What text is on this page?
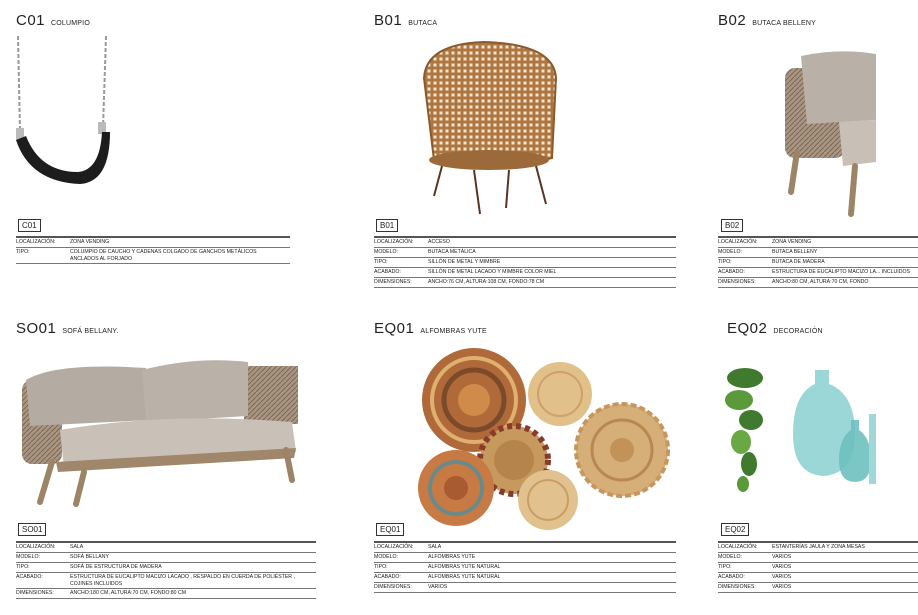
C01 COLUMPIO
C01
LOCALIZACIÓN:	ZONA VENDING
TIPO:	COLUMPIO DE CAUCHO Y CADENAS COLGADO DE GANCHOS METÁLICOS ANCLADOS AL FORJADO
B01 BUTACA
B01
LOCALIZACIÓN:	ACCESO
MODELO:	BUTACA METÁLICA
TIPO:	SILLÓN DE METAL Y MIMBRE
ACABADO:	SILLÓN DE METAL LACADO Y MIMBRE COLOR MIEL
DIMENSIONES:	ANCHO:76 CM, ALTURA:108 CM, FONDO:78 CM
SO01 SOFÁ BELLANY.
SO01
LOCALIZACIÓN:	SALA
MODELO:	SOFÁ BELLANY
TIPO:	SOFÁ DE ESTRUCTURA DE MADERA
ACABADO:	ESTRUCTURA DE EUCALIPTO MACIZO LACADO , RESPALDO EN CUERDA DE POLIÉSTER , COJINES INCLUIDOS
DIMENSIONES:	ANCHO:180 CM, ALTURA:70 CM, FONDO:80 CM
EQ01 ALFOMBRAS YUTE
EQ01
LOCALIZACIÓN:	SALA
MODELO:	ALFOMBRAS YUTE
TIPO:	ALFOMBRAS YUTE NATURAL
ACABADO:	ALFOMBRAS YUTE NATURAL
DIMENSIONES:	VARIOS
B02 BUTACA BELLENY
B02
LOCALIZACIÓN:	ZONA VENDING
MODELO:	BUTACA BELLENY
TIPO:	BUTACA DE MADERA
ACABADO:	ESTRUCTURA DE EUCALIPTO MACIZO LA... INCLUIDOS
DIMENSIONES:	ANCHO:80 CM, ALTURA:70 CM, FONDO
EQ02 DECORACIÓN
EQ02
LOCALIZACIÓN:	ESTANTERÍAS JAULA Y ZONA MESAS
MODELO:	VARIOS
TIPO:	VARIOS
ACABADO:	VARIOS
DIMENSIONES:	VARIOS
